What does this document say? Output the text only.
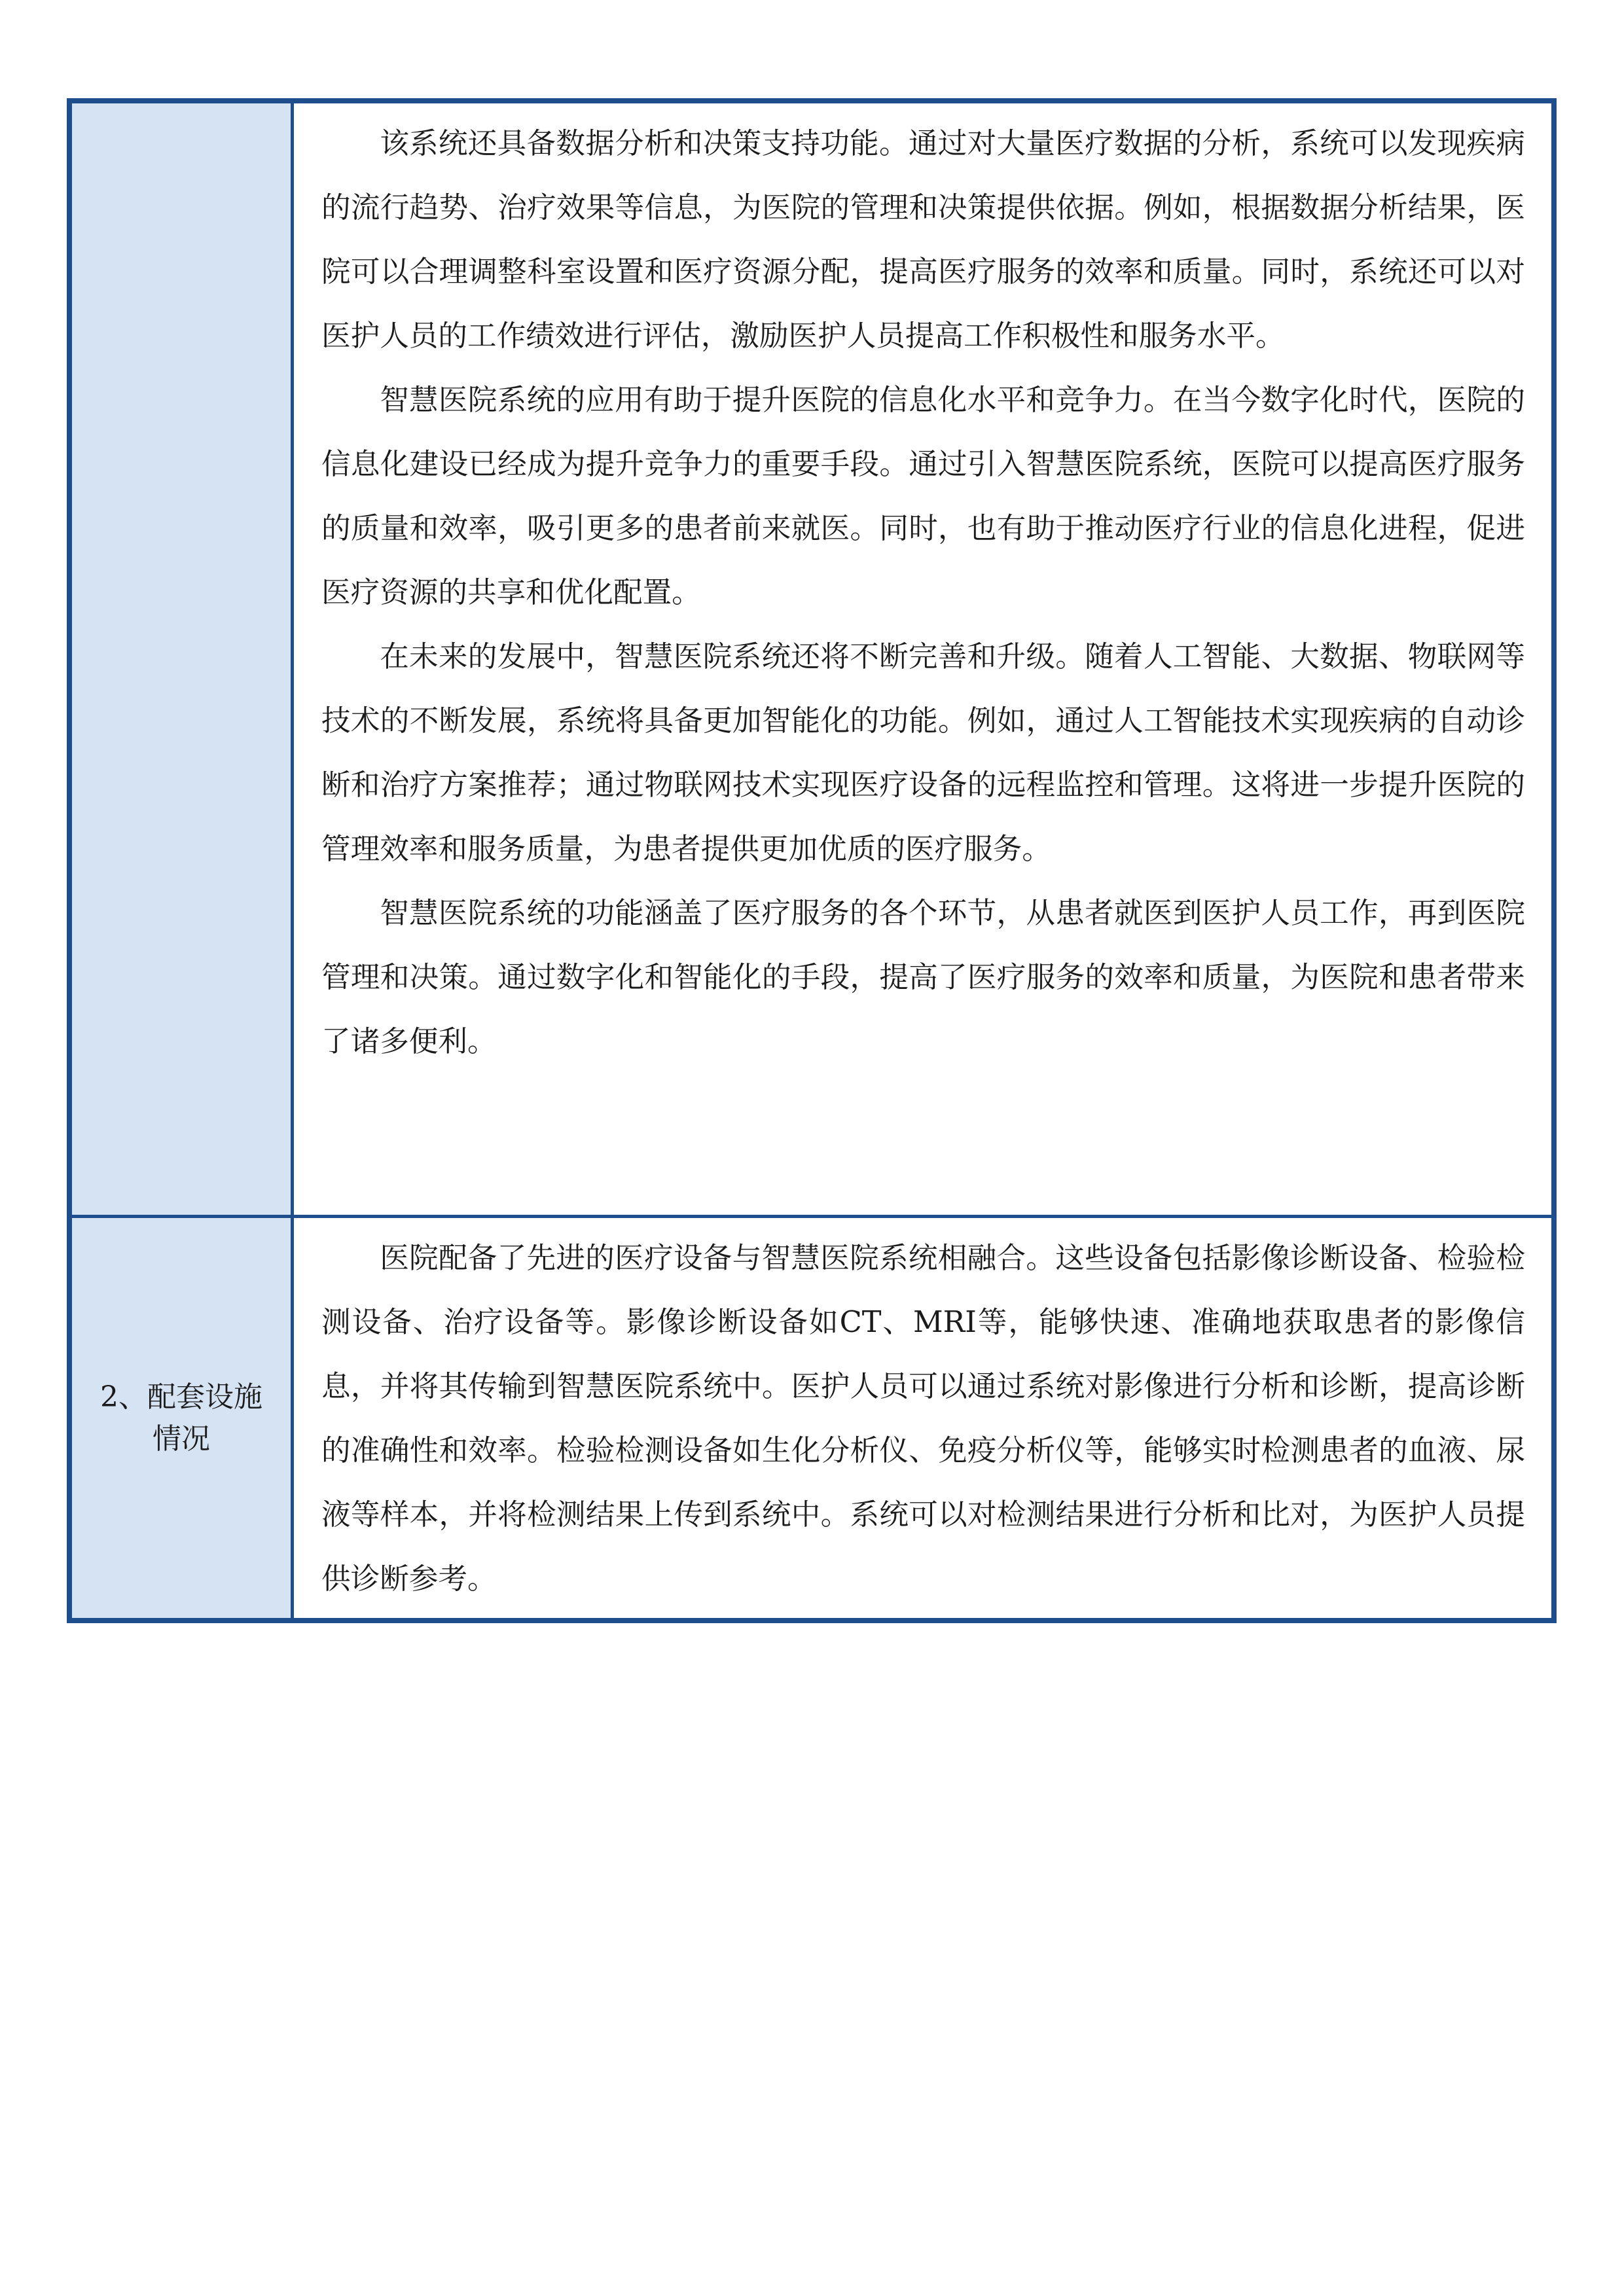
该系统还具备数据分析和决策支持功能。通过对大量医疗数据的分析，系统可以发现疾病的流行趋势、治疗效果等信息，为医院的管理和决策提供依据。例如，根据数据分析结果，医院可以合理调整科室设置和医疗资源分配，提高医疗服务的效率和质量。同时，系统还可以对医护人员的工作绩效进行评估，激励医护人员提高工作积极性和服务水平。

智慧医院系统的应用有助于提升医院的信息化水平和竞争力。在当今数字化时代，医院的信息化建设已经成为提升竞争力的重要手段。通过引入智慧医院系统，医院可以提高医疗服务的质量和效率，吸引更多的患者前来就医。同时，也有助于推动医疗行业的信息化进程，促进医疗资源的共享和优化配置。

在未来的发展中，智慧医院系统还将不断完善和升级。随着人工智能、大数据、物联网等技术的不断发展，系统将具备更加智能化的功能。例如，通过人工智能技术实现疾病的自动诊断和治疗方案推荐；通过物联网技术实现医疗设备的远程监控和管理。这将进一步提升医院的管理效率和服务质量，为患者提供更加优质的医疗服务。

智慧医院系统的功能涵盖了医疗服务的各个环节，从患者就医到医护人员工作，再到医院管理和决策。通过数字化和智能化的手段，提高了医疗服务的效率和质量，为医院和患者带来了诸多便利。

2、配套设施情况

医院配备了先进的医疗设备与智慧医院系统相融合。这些设备包括影像诊断设备、检验检测设备、治疗设备等。影像诊断设备如CT、MRI等，能够快速、准确地获取患者的影像信息，并将其传输到智慧医院系统中。医护人员可以通过系统对影像进行分析和诊断，提高诊断的准确性和效率。检验检测设备如生化分析仪、免疫分析仪等，能够实时检测患者的血液、尿液等样本，并将检测结果上传到系统中。系统可以对检测结果进行分析和比对，为医护人员提供诊断参考。
